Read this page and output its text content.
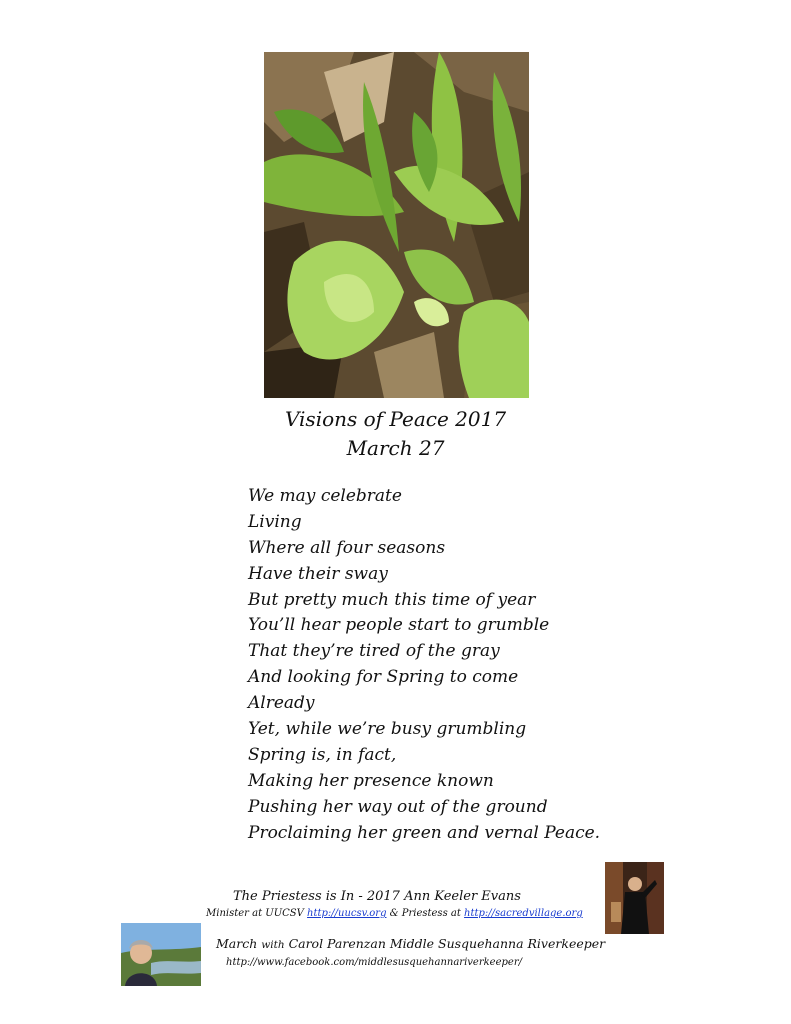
Visions of Peace 2017
March 27
We may celebrate
Living
Where all four seasons
Have their sway
But pretty much this time of year
You’ll hear people start to grumble
That they’re tired of the gray
And looking for Spring to come
Already
Yet, while we’re busy grumbling
Spring is, in fact,
Making her presence known
Pushing her way out of the ground
Proclaiming her green and vernal Peace.
The Priestess is In - 2017 Ann Keeler Evans
Minister at UUCSV http://uucsv.org & Priestess at http://sacredvillage.org
March with Carol Parenzan Middle Susquehanna Riverkeeper
http://www.facebook.com/middlesusquehannariverkeeper/
